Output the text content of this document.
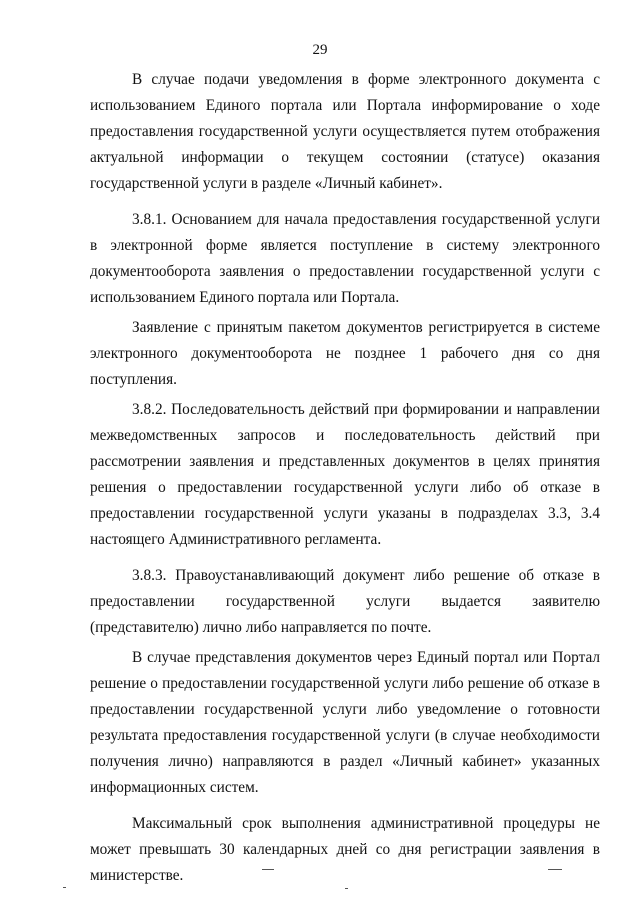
29

В случае подачи уведомления в форме электронного документа с использованием Единого портала или Портала информирование о ходе предоставления государственной услуги осуществляется путем отображения актуальной информации о текущем состоянии (статусе) оказания государственной услуги в разделе «Личный кабинет».

3.8.1. Основанием для начала предоставления государственной услуги в электронной форме является поступление в систему электронного документооборота заявления о предоставлении государственной услуги с использованием Единого портала или Портала.

Заявление с принятым пакетом документов регистрируется в системе электронного документооборота не позднее 1 рабочего дня со дня поступления.

3.8.2. Последовательность действий при формировании и направлении межведомственных запросов и последовательность действий при рассмотрении заявления и представленных документов в целях принятия решения о предоставлении государственной услуги либо об отказе в предоставлении государственной услуги указаны в подразделах 3.3, 3.4 настоящего Административного регламента.

3.8.3. Правоустанавливающий документ либо решение об отказе в предоставлении государственной услуги выдается заявителю (представителю) лично либо направляется по почте.

В случае представления документов через Единый портал или Портал решение о предоставлении государственной услуги либо решение об отказе в предоставлении государственной услуги либо уведомление о готовности результата предоставления государственной услуги (в случае необходимости получения лично) направляются в раздел «Личный кабинет» указанных информационных систем.

Максимальный срок выполнения административной процедуры не может превышать 30 календарных дней со дня регистрации заявления в министерстве.
